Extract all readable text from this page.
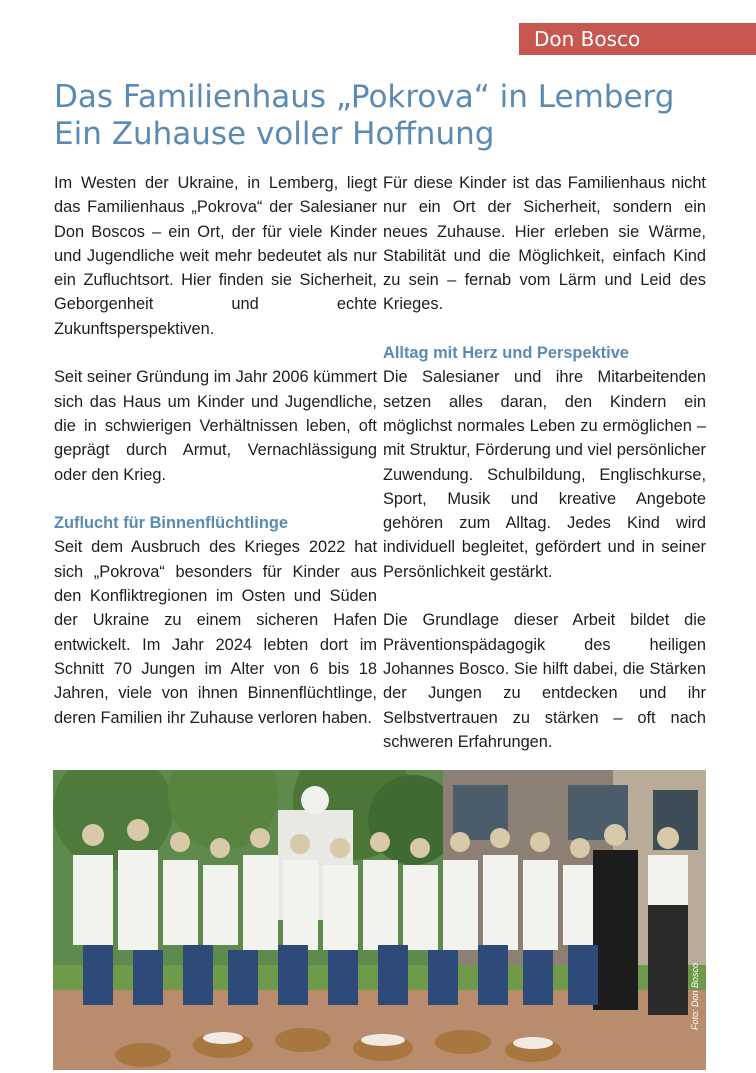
Don Bosco
Das Familienhaus „Pokrova“ in Lemberg
Ein Zuhause voller Hoffnung

Im Westen der Ukraine, in Lemberg, liegt das Familienhaus „Pokrova“ der Salesianer Don Boscos – ein Ort, der für viele Kinder und Jugendliche weit mehr bedeutet als nur ein Zufluchtsort. Hier finden sie Sicherheit, Geborgenheit und echte Zukunftsperspektiven.

Seit seiner Gründung im Jahr 2006 kümmert sich das Haus um Kinder und Jugendliche, die in schwierigen Verhältnissen leben, oft geprägt durch Armut, Vernachlässigung oder den Krieg.

Zuflucht für Binnenflüchtlinge

Seit dem Ausbruch des Krieges 2022 hat sich „Pokrova“ besonders für Kinder aus den Konfliktregionen im Osten und Süden der Ukraine zu einem sicheren Hafen entwickelt. Im Jahr 2024 lebten dort im Schnitt 70 Jungen im Alter von 6 bis 18 Jahren, viele von ihnen Binnenflüchtlinge, deren Familien ihr Zuhause verloren haben.

Für diese Kinder ist das Familienhaus nicht nur ein Ort der Sicherheit, sondern ein neues Zuhause. Hier erleben sie Wärme, Stabilität und die Möglichkeit, einfach Kind zu sein – fernab vom Lärm und Leid des Krieges.

Alltag mit Herz und Perspektive

Die Salesianer und ihre Mitarbeitenden setzen alles daran, den Kindern ein möglichst normales Leben zu ermöglichen – mit Struktur, Förderung und viel persönlicher Zuwendung. Schulbildung, Englischkurse, Sport, Musik und kreative Angebote gehören zum Alltag. Jedes Kind wird individuell begleitet, gefördert und in seiner Persönlichkeit gestärkt.

Die Grundlage dieser Arbeit bildet die Präventionspädagogik des heiligen Johannes Bosco. Sie hilft dabei, die Stärken der Jungen zu entdecken und ihr Selbstvertrauen zu stärken – oft nach schweren Erfahrungen.

Foto: Don Bosco
